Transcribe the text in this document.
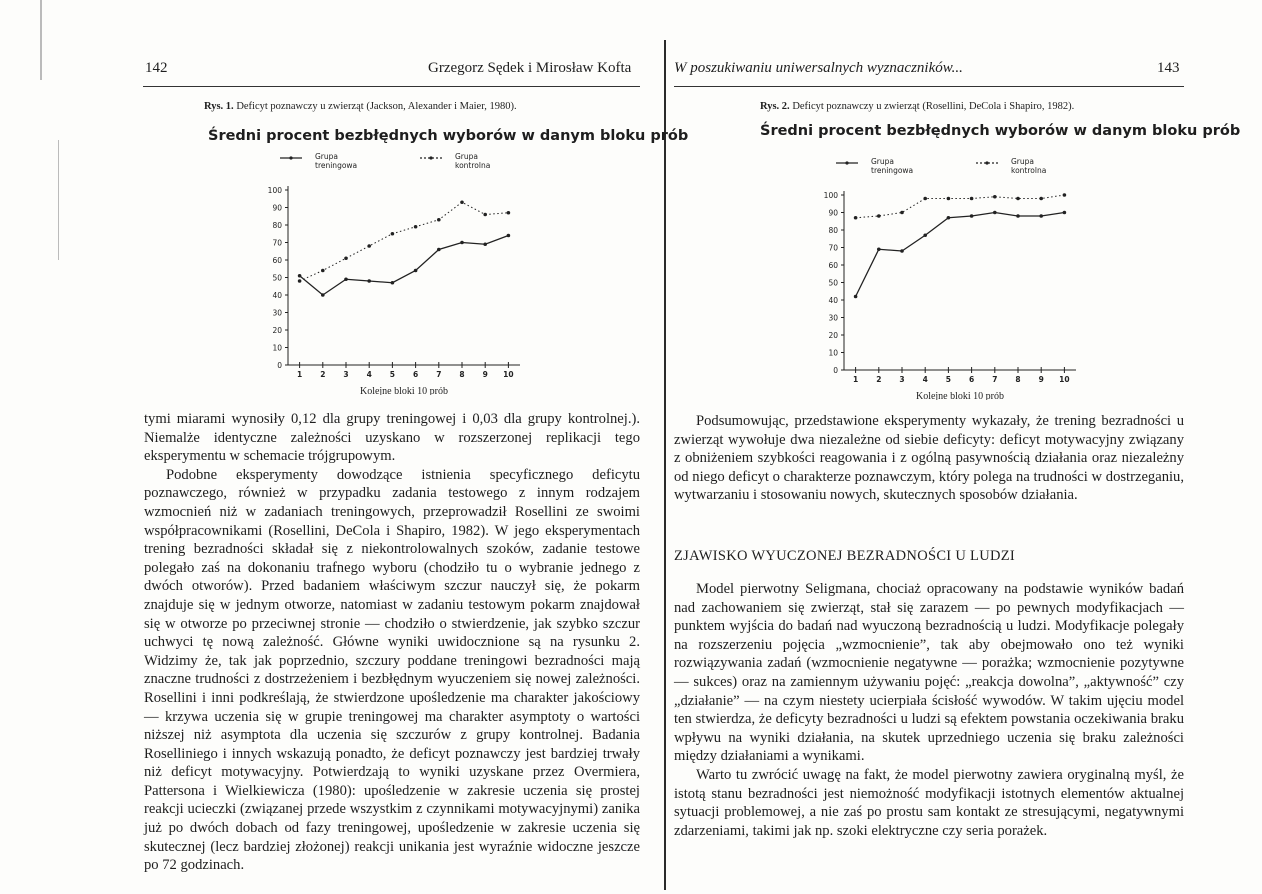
142	Grzegorz Sędek i Mirosław Kofta
Rys. 1. Deficyt poznawczy u zwierząt (Jackson, Alexander i Maier, 1980).
Średni procent bezbłędnych wyborów w danym bloku prób
Grupa
treningowa
Grupa
kontrolna
0
10
20
30
40
50
60
70
80
90
100
1 2 3 4 5 6 7 8 9 10
Kolejne bloki 10 prób

tymi miarami wynosiły 0,12 dla grupy treningowej i 0,03 dla grupy kontrolnej.). Niemalże identyczne zależności uzyskano w rozszerzonej replikacji tego eksperymentu w schemacie trójgrupowym.

Podobne eksperymenty dowodzące istnienia specyficznego deficytu poznawczego, również w przypadku zadania testowego z innym rodzajem wzmocnień niż w zadaniach treningowych, przeprowadził Rosellini ze swoimi współpracownikami (Rosellini, DeCola i Shapiro, 1982). W jego eksperymentach trening bezradności składał się z niekontrolowalnych szoków, zadanie testowe polegało zaś na dokonaniu trafnego wyboru (chodziło tu o wybranie jednego z dwóch otworów). Przed badaniem właściwym szczur nauczył się, że pokarm znajduje się w jednym otworze, natomiast w zadaniu testowym pokarm znajdował się w otworze po przeciwnej stronie — chodziło o stwierdzenie, jak szybko szczur uchwyci tę nową zależność. Główne wyniki uwidocznione są na rysunku 2. Widzimy że, tak jak poprzednio, szczury poddane treningowi bezradności mają znaczne trudności z dostrzeżeniem i bezbłędnym wyuczeniem się nowej zależności. Rosellini i inni podkreślają, że stwierdzone upośledzenie ma charakter jakościowy — krzywa uczenia się w grupie treningowej ma charakter asymptoty o wartości niższej niż asymptota dla uczenia się szczurów z grupy kontrolnej. Badania Roselliniego i innych wskazują ponadto, że deficyt poznawczy jest bardziej trwały niż deficyt motywacyjny. Potwierdzają to wyniki uzyskane przez Overmiera, Pattersona i Wielkiewicza (1980): upośledzenie w zakresie uczenia się prostej reakcji ucieczki (związanej przede wszystkim z czynnikami motywacyjnymi) zanika już po dwóch dobach od fazy treningowej, upośledzenie w zakresie uczenia się skutecznej (lecz bardziej złożonej) reakcji unikania jest wyraźnie widoczne jeszcze po 72 godzinach.

W poszukiwaniu uniwersalnych wyznaczników...	143
Rys. 2. Deficyt poznawczy u zwierząt (Rosellini, DeCola i Shapiro, 1982).
Średni procent bezbłędnych wyborów w danym bloku prób
Grupa
treningowa
Grupa
kontrolna
0
10
20
30
40
50
60
70
80
90
100
1 2 3 4 5 6 7 8 9 10
Kolejne bloki 10 prób

Podsumowując, przedstawione eksperymenty wykazały, że trening bezradności u zwierząt wywołuje dwa niezależne od siebie deficyty: deficyt motywacyjny związany z obniżeniem szybkości reagowania i z ogólną pasywnością działania oraz niezależny od niego deficyt o charakterze poznawczym, który polega na trudności w dostrzeganiu, wytwarzaniu i stosowaniu nowych, skutecznych sposobów działania.

ZJAWISKO WYUCZONEJ BEZRADNOŚCI U LUDZI

Model pierwotny Seligmana, chociaż opracowany na podstawie wyników badań nad zachowaniem się zwierząt, stał się zarazem — po pewnych modyfikacjach — punktem wyjścia do badań nad wyuczoną bezradnością u ludzi. Modyfikacje polegały na rozszerzeniu pojęcia „wzmocnienie”, tak aby obejmowało ono też wyniki rozwiązywania zadań (wzmocnienie negatywne — porażka; wzmocnienie pozytywne — sukces) oraz na zamiennym używaniu pojęć: „reakcja dowolna”, „aktywność” czy „działanie” — na czym niestety ucierpiała ścisłość wywodów. W takim ujęciu model ten stwierdza, że deficyty bezradności u ludzi są efektem powstania oczekiwania braku wpływu na wyniki działania, na skutek uprzedniego uczenia się braku zależności między działaniami a wynikami.

Warto tu zwrócić uwagę na fakt, że model pierwotny zawiera oryginalną myśl, że istotą stanu bezradności jest niemożność modyfikacji istotnych elementów aktualnej sytuacji problemowej, a nie zaś po prostu sam kontakt ze stresującymi, negatywnymi zdarzeniami, takimi jak np. szoki elektryczne czy seria porażek.
